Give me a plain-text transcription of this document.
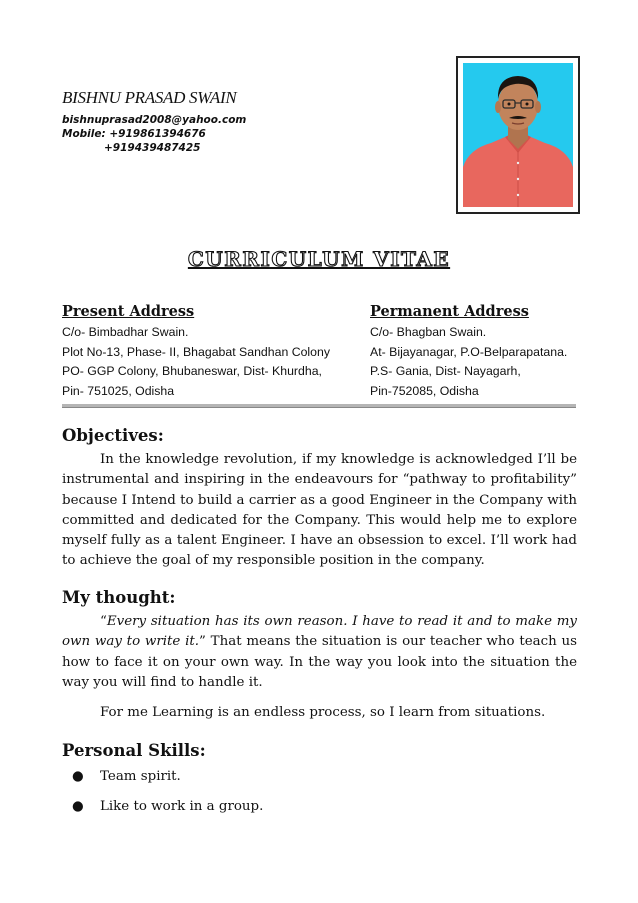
BISHNU PRASAD SWAIN
bishnuprasad2008@yahoo.com
Mobile: +919861394676
+919439487425
CURRICULUM VITAE
Present Address
C/o- Bimbadhar Swain.
Plot No-13, Phase- II, Bhagabat Sandhan Colony
PO- GGP Colony, Bhubaneswar, Dist- Khurdha,
Pin- 751025, Odisha
Permanent Address
C/o- Bhagban Swain.
At- Bijayanagar, P.O-Belparapatana.
P.S- Gania, Dist- Nayagarh,
Pin-752085, Odisha
Objectives:

In the knowledge revolution, if my knowledge is acknowledged I’ll be instrumental and inspiring in the endeavours for “pathway to profitability” because I Intend to build a carrier as a good Engineer in the Company with committed and dedicated for the Company. This would help me to explore myself fully as a talent Engineer. I have an obsession to excel. I’ll work had to achieve the goal of my responsible position in the company.

My thought:

“Every situation has its own reason. I have to read it and to make my own way to write it.” That means the situation is our teacher who teach us how to face it on your own way. In the way you look into the situation the way you will find to handle it.

For me Learning is an endless process, so I learn from situations.

Personal Skills:
● Team spirit.
● Like to work in a group.
